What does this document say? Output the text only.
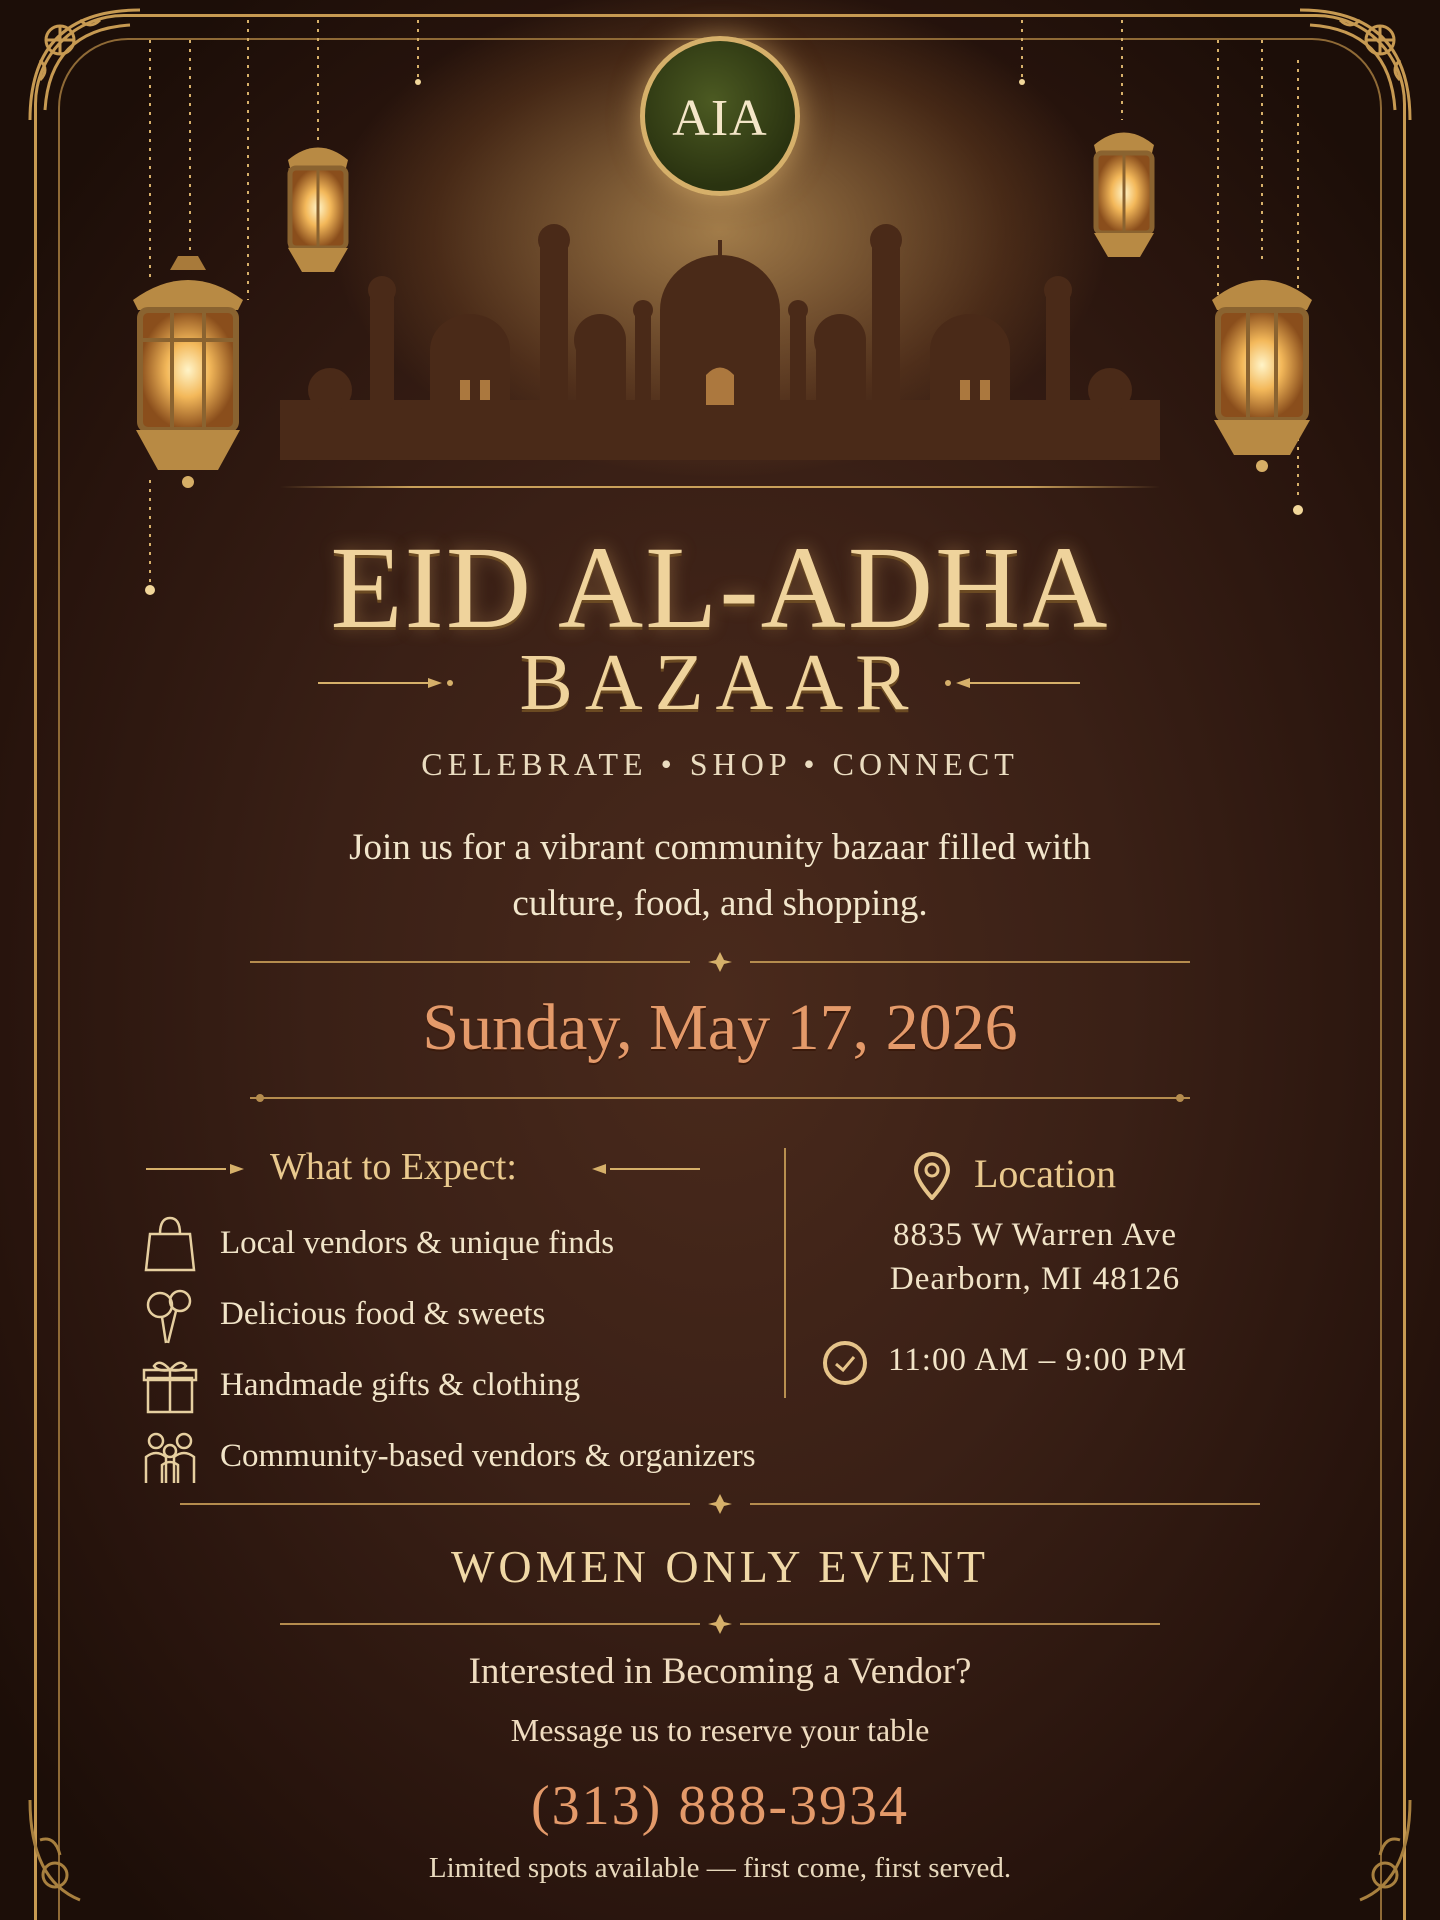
AIA
EID AL-ADHA
BAZAAR
CELEBRATE • SHOP • CONNECT
Join us for a vibrant community bazaar filled with
culture, food, and shopping.
Sunday, May 17, 2026
What to Expect:
Local vendors & unique finds
Delicious food & sweets
Handmade gifts & clothing
Community-based vendors & organizers
Location
8835 W Warren Ave
Dearborn, MI 48126
11:00 AM – 9:00 PM
WOMEN ONLY EVENT
Interested in Becoming a Vendor?
Message us to reserve your table
(313) 888-3934
Limited spots available — first come, first served.
